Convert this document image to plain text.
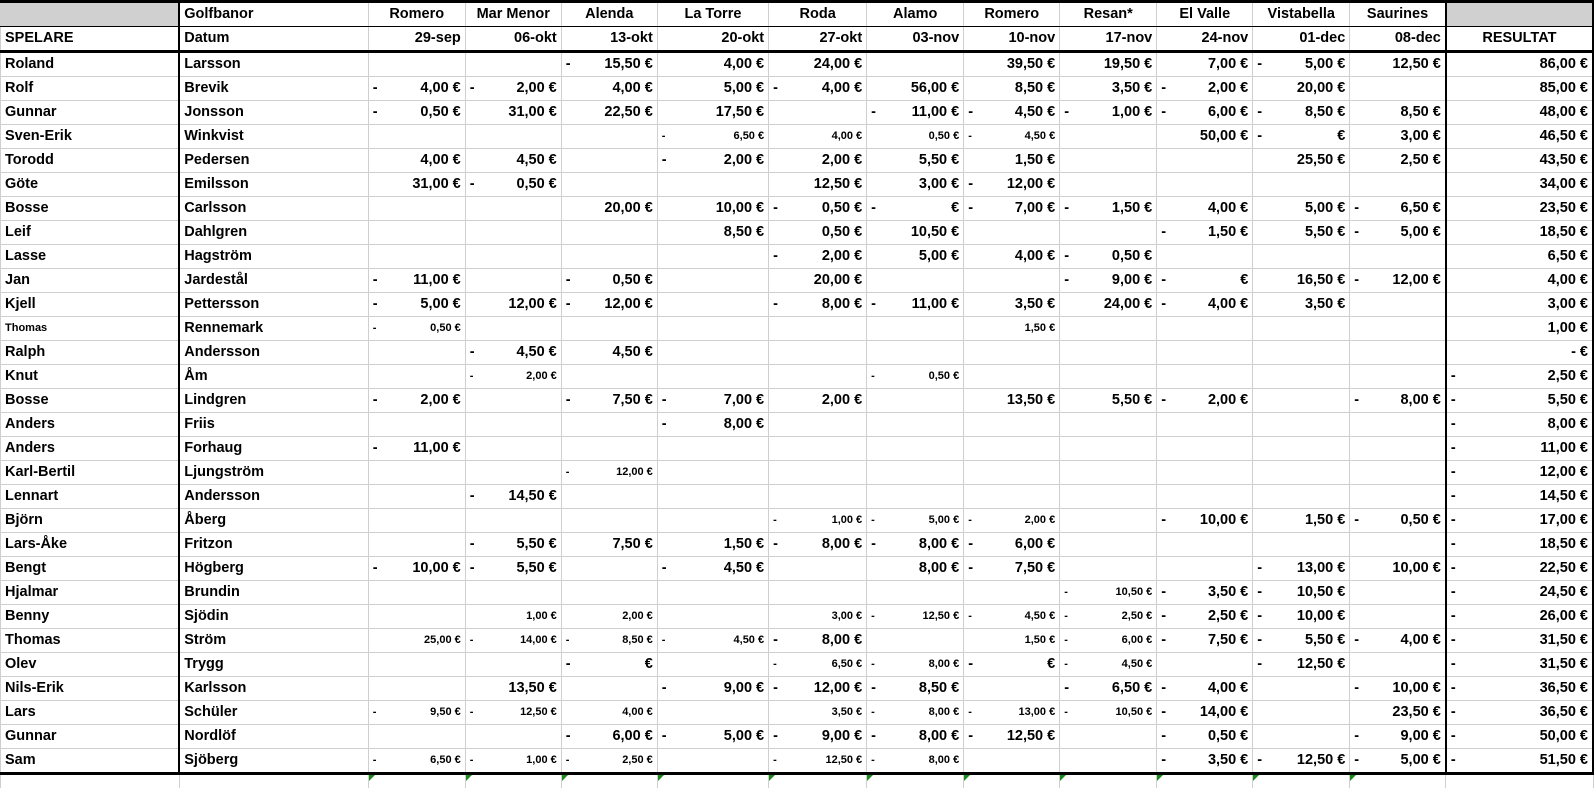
	Golfbanor	Romero	Mar Menor	Alenda	La Torre	Roda	Alamo	Romero	Resan*	El Valle	Vistabella	Saurines	
SPELARE	Datum	29-sep	06-okt	13-okt	20-okt	27-okt	03-nov	10-nov	17-nov	24-nov	01-dec	08-dec	RESULTAT
Roland	Larsson			- 15,50 €	4,00 €	24,00 €		39,50 €	19,50 €	7,00 €	- 5,00 €	12,50 €	86,00 €
Rolf	Brevik	- 4,00 €	- 2,00 €	4,00 €	5,00 €	- 4,00 €	56,00 €	8,50 €	3,50 €	- 2,00 €	20,00 €		85,00 €
Gunnar	Jonsson	- 0,50 €	31,00 €	22,50 €	17,50 €		- 11,00 €	- 4,50 €	- 1,00 €	- 6,00 €	- 8,50 €	8,50 €	48,00 €
Sven-Erik	Winkvist				- 6,50 €	4,00 €	0,50 €	- 4,50 €		50,00 €	- €	3,00 €	46,50 €
Torodd	Pedersen	4,00 €	4,50 €		- 2,00 €	2,00 €	5,50 €	1,50 €			25,50 €	2,50 €	43,50 €
Göte	Emilsson	31,00 €	- 0,50 €			12,50 €	3,00 €	- 12,00 €					34,00 €
Bosse	Carlsson			20,00 €	10,00 €	- 0,50 €	- €	- 7,00 €	- 1,50 €	4,00 €	5,00 €	- 6,50 €	23,50 €
Leif	Dahlgren				8,50 €	0,50 €	10,50 €			- 1,50 €	5,50 €	- 5,00 €	18,50 €
Lasse	Hagström					- 2,00 €	5,00 €	4,00 €	- 0,50 €				6,50 €
Jan	Jardestål	- 11,00 €		- 0,50 €		20,00 €			- 9,00 €	- €	16,50 €	- 12,00 €	4,00 €
Kjell	Pettersson	- 5,00 €	12,00 €	- 12,00 €		- 8,00 €	- 11,00 €	3,50 €	24,00 €	- 4,00 €	3,50 €		3,00 €
Thomas	Rennemark	- 0,50 €						1,50 €					1,00 €
Ralph	Andersson		- 4,50 €	4,50 €									- €
Knut	Åm		- 2,00 €				- 0,50 €						- 2,50 €
Bosse	Lindgren	- 2,00 €		- 7,50 €	- 7,00 €	2,00 €		13,50 €	5,50 €	- 2,00 €		- 8,00 €	- 5,50 €
Anders	Friis				- 8,00 €								- 8,00 €
Anders	Forhaug	- 11,00 €											- 11,00 €
Karl-Bertil	Ljungström			- 12,00 €									- 12,00 €
Lennart	Andersson		- 14,50 €										- 14,50 €
Björn	Åberg					- 1,00 €	- 5,00 €	- 2,00 €		- 10,00 €	1,50 €	- 0,50 €	- 17,00 €
Lars-Åke	Fritzon		- 5,50 €	7,50 €	1,50 €	- 8,00 €	- 8,00 €	- 6,00 €					- 18,50 €
Bengt	Högberg	- 10,00 €	- 5,50 €		- 4,50 €		8,00 €	- 7,50 €			- 13,00 €	10,00 €	- 22,50 €
Hjalmar	Brundin								- 10,50 €	- 3,50 €	- 10,50 €		- 24,50 €
Benny	Sjödin		1,00 €	2,00 €		3,00 €	- 12,50 €	- 4,50 €	- 2,50 €	- 2,50 €	- 10,00 €		- 26,00 €
Thomas	Ström	25,00 €	- 14,00 €	- 8,50 €	- 4,50 €	- 8,00 €		1,50 €	- 6,00 €	- 7,50 €	- 5,50 €	- 4,00 €	- 31,50 €
Olev	Trygg			- €		- 6,50 €	- 8,00 €	- €	- 4,50 €		- 12,50 €		- 31,50 €
Nils-Erik	Karlsson		13,50 €		- 9,00 €	- 12,00 €	- 8,50 €		- 6,50 €	- 4,00 €		- 10,00 €	- 36,50 €
Lars	Schüler	- 9,50 €	- 12,50 €	4,00 €		3,50 €	- 8,00 €	- 13,00 €	- 10,50 €	- 14,00 €		23,50 €	- 36,50 €
Gunnar	Nordlöf			- 6,00 €	- 5,00 €	- 9,00 €	- 8,00 €	- 12,50 €		- 0,50 €		- 9,00 €	- 50,00 €
Sam	Sjöberg	- 6,50 €	- 1,00 €	- 2,50 €		- 12,50 €	- 8,00 €			- 3,50 €	- 12,50 €	- 5,00 €	- 51,50 €
